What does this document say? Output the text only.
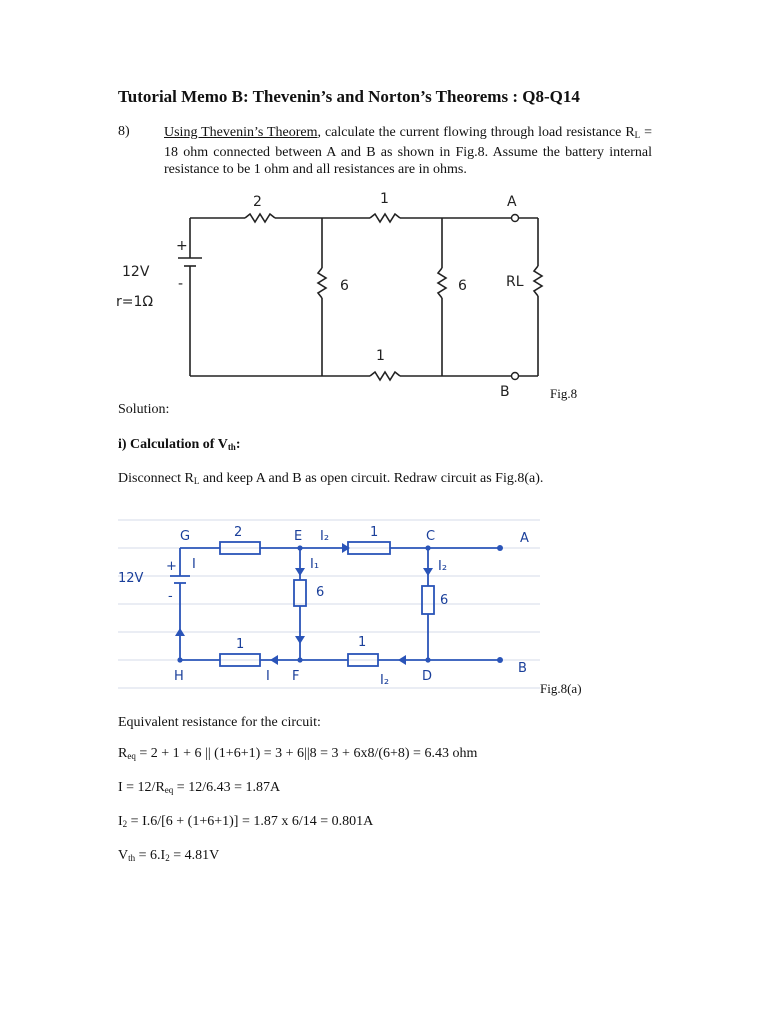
Tutorial Memo B: Thevenin’s and Norton’s Theorems : Q8-Q14
8) Using Thevenin’s Theorem, calculate the current flowing through load resistance $R_L = 18$ ohm connected between A and B as shown in Fig.8. Assume the battery internal resistance to be 1 ohm and all resistances are in ohms.
2	1	A
6	6	RL
1
B
+
-
12V
r=1Ω
Fig.8
Solution:
i) Calculation of $V_{th}$:
Disconnect $R_L$ and keep A and B as open circuit. Redraw circuit as Fig.8(a).
G	2	E I₂	1	C	A
I
+
-
12V
I₁
6
I₂
6
1	1
B
H	I F	I₂	D
Fig.8(a)
Equivalent resistance for the circuit:
$R_{eq} = 2 + 1 + 6$ || (1+6+1) = 3 + 6||8 = 3 + 6x8/(6+8) = 6.43 ohm
$I = 12/R_{eq} = 12/6.43 = 1.87A$
$I_2 = I.6/[6 + (1+6+1)] = 1.87$ x 6/14 = 0.801A
$V_{th} = 6.I_2 = 4.81V$
